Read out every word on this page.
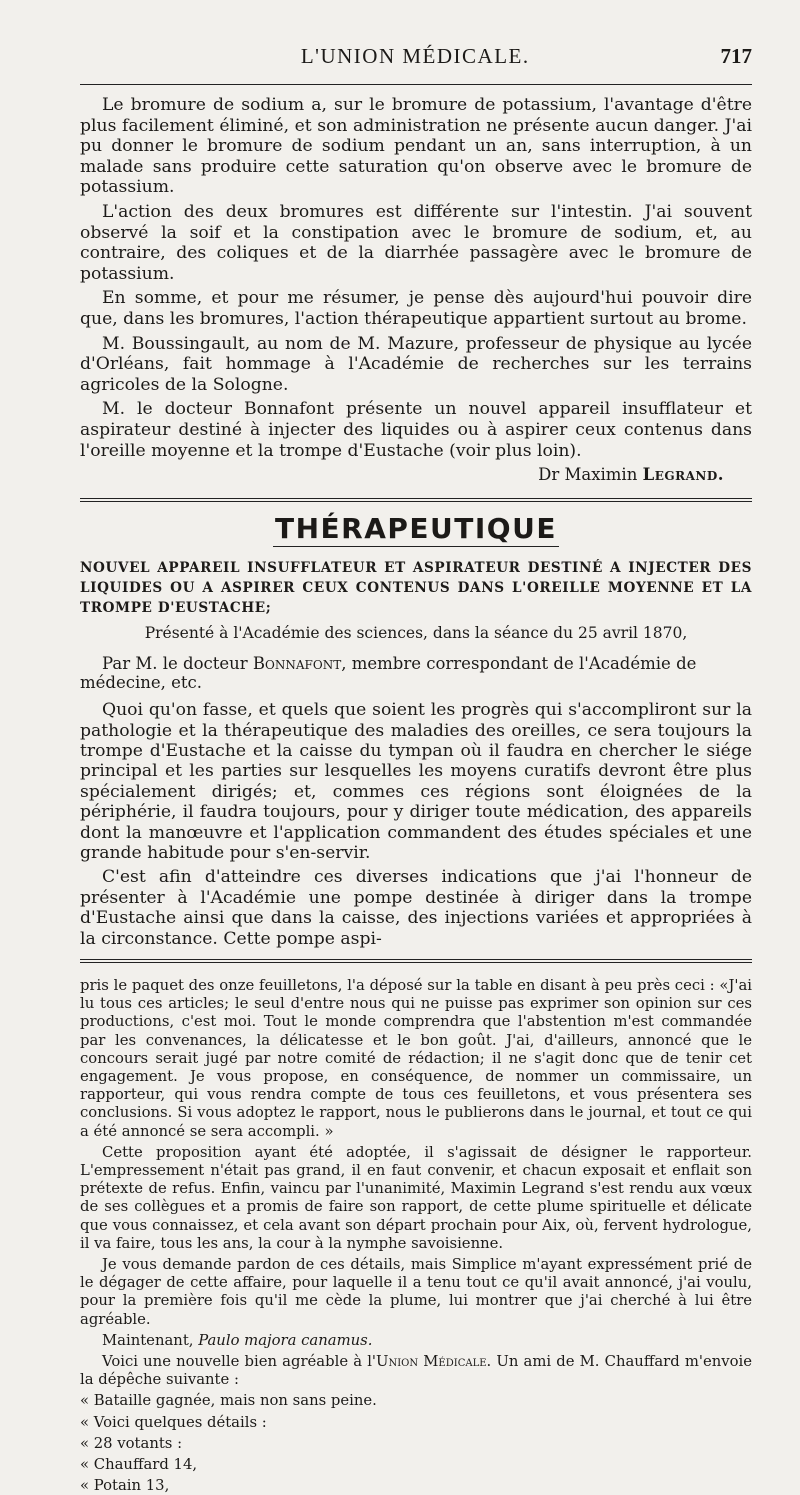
L'UNION MÉDICALE.	717

Le bromure de sodium a, sur le bromure de potassium, l'avantage d'être plus facilement éliminé, et son administration ne présente aucun danger. J'ai pu donner le bromure de sodium pendant un an, sans interruption, à un malade sans produire cette saturation qu'on observe avec le bromure de potassium.

L'action des deux bromures est différente sur l'intestin. J'ai souvent observé la soif et la constipation avec le bromure de sodium, et, au contraire, des coliques et de la diarrhée passagère avec le bromure de potassium.

En somme, et pour me résumer, je pense dès aujourd'hui pouvoir dire que, dans les bromures, l'action thérapeutique appartient surtout au brome.

M. Boussingault, au nom de M. Mazure, professeur de physique au lycée d'Orléans, fait hommage à l'Académie de recherches sur les terrains agricoles de la Sologne.

M. le docteur Bonnafont présente un nouvel appareil insufflateur et aspirateur destiné à injecter des liquides ou à aspirer ceux contenus dans l'oreille moyenne et la trompe d'Eustache (voir plus loin).

Dr Maximin Legrand.
THÉRAPEUTIQUE
NOUVEL APPAREIL INSUFFLATEUR ET ASPIRATEUR DESTINÉ A INJECTER DES LIQUIDES OU A ASPIRER CEUX CONTENUS DANS L'OREILLE MOYENNE ET LA TROMPE D'EUSTACHE;
Présenté à l'Académie des sciences, dans la séance du 25 avril 1870,
Par M. le docteur Bonnafont, membre correspondant de l'Académie de médecine, etc.

Quoi qu'on fasse, et quels que soient les progrès qui s'accompliront sur la pathologie et la thérapeutique des maladies des oreilles, ce sera toujours la trompe d'Eustache et la caisse du tympan où il faudra en chercher le siége principal et les parties sur lesquelles les moyens curatifs devront être plus spécialement dirigés; et, commes ces régions sont éloignées de la périphérie, il faudra toujours, pour y diriger toute médication, des appareils dont la manœuvre et l'application commandent des études spéciales et une grande habitude pour s'en-servir.

C'est afin d'atteindre ces diverses indications que j'ai l'honneur de présenter à l'Académie une pompe destinée à diriger dans la trompe d'Eustache ainsi que dans la caisse, des injections variées et appropriées à la circonstance. Cette pompe aspi-

pris le paquet des onze feuilletons, l'a déposé sur la table en disant à peu près ceci : «J'ai lu tous ces articles; le seul d'entre nous qui ne puisse pas exprimer son opinion sur ces productions, c'est moi. Tout le monde comprendra que l'abstention m'est commandée par les convenances, la délicatesse et le bon goût. J'ai, d'ailleurs, annoncé que le concours serait jugé par notre comité de rédaction; il ne s'agit donc que de tenir cet engagement. Je vous propose, en conséquence, de nommer un commissaire, un rapporteur, qui vous rendra compte de tous ces feuilletons, et vous présentera ses conclusions. Si vous adoptez le rapport, nous le publierons dans le journal, et tout ce qui a été annoncé se sera accompli. »

Cette proposition ayant été adoptée, il s'agissait de désigner le rapporteur. L'empressement n'était pas grand, il en faut convenir, et chacun exposait et enflait son prétexte de refus. Enfin, vaincu par l'unanimité, Maximin Legrand s'est rendu aux vœux de ses collègues et a promis de faire son rapport, de cette plume spirituelle et délicate que vous connaissez, et cela avant son départ prochain pour Aix, où, fervent hydrologue, il va faire, tous les ans, la cour à la nymphe savoisienne.

Je vous demande pardon de ces détails, mais Simplice m'ayant expressément prié de le dégager de cette affaire, pour laquelle il a tenu tout ce qu'il avait annoncé, j'ai voulu, pour la première fois qu'il me cède la plume, lui montrer que j'ai cherché à lui être agréable.

Maintenant, Paulo majora canamus.

Voici une nouvelle bien agréable à l'Union Médicale. Un ami de M. Chauffard m'envoie la dépêche suivante :

« Bataille gagnée, mais non sans peine.

« Voici quelques détails :

« 28 votants :

« Chauffard 14,

« Potain 13,
